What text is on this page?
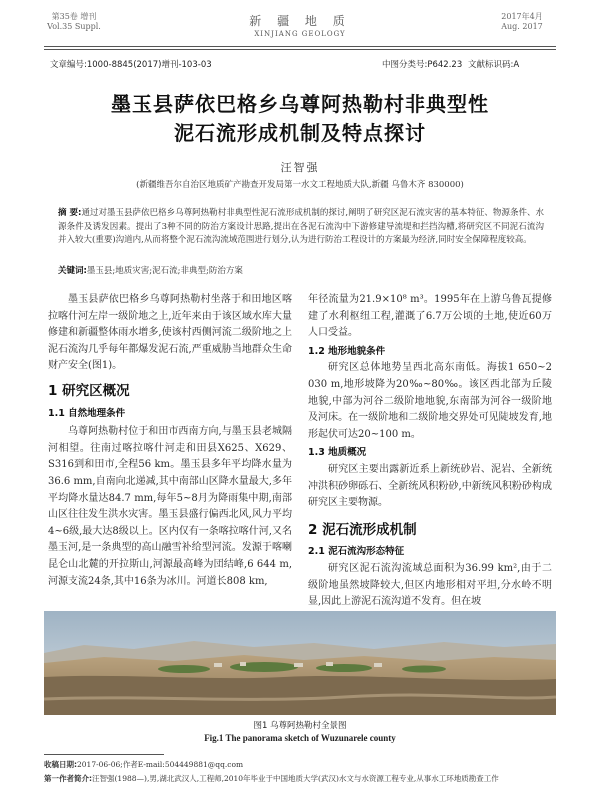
第35卷 增刊
Vol.35 Suppl.	新 疆 地 质
XINJIANG GEOLOGY
2017年4月
Aug. 2017
文章编号:1000-8845(2017)增刊-103-03	中图分类号:P642.23 文献标识码:A
墨玉县萨依巴格乡乌尊阿热勒村非典型性
泥石流形成机制及特点探讨
汪智强
(新疆维吾尔自治区地质矿产勘查开发局第一水文工程地质大队,新疆 乌鲁木齐 830000)
摘 要:通过对墨玉县萨依巴格乡乌尊阿热勒村非典型性泥石流形成机制的探讨,阐明了研究区泥石流灾害的基本特征、物源条件、水源条件及诱发因素。提出了3种不同的防治方案设计思路,提出在各泥石流沟中下游修建导流堤和拦挡沟槽,将研究区不同泥石流沟并入较大(重要)沟道内,从而将整个泥石流沟流域范围进行划分,认为进行防治工程设计的方案最为经济,同时安全保障程度较高。
关键词:墨玉县;地质灾害;泥石流;非典型;防治方案

墨玉县萨依巴格乡乌尊阿热勒村坐落于和田地区喀拉喀什河左岸一级阶地之上,近年来由于该区域水库大量修建和新疆整体雨水增多,使该村西侧河流二级阶地之上泥石流沟几乎每年都爆发泥石流,严重威胁当地群众生命财产安全(图1)。

1 研究区概况
1.1 自然地理条件

乌尊阿热勒村位于和田市西南方向,与墨玉县老城隔河相望。往南过喀拉喀什河走和田县X625、X629、S316到和田市,全程56 km。墨玉县多年平均降水量为36.6 mm,自南向北递减,其中南部山区降水量最大,多年平均降水量达84.7 mm,每年5~8月为降雨集中期,南部山区往往发生洪水灾害。墨玉县盛行偏西北风,风力平均4~6级,最大达8级以上。区内仅有一条喀拉喀什河,又名墨玉河,是一条典型的高山融雪补给型河流。发源于喀喇昆仑山北麓的开拉斯山,河源最高峰为団结峰,6 644 m,河源支流24条,其中16条为冰川。河道长808 km,

年径流量为21.9×10⁸ m³。1995年在上游乌鲁瓦提修建了水利枢纽工程,灌溉了6.7万公顷的土地,使近60万人口受益。

1.2 地形地貌条件

研究区总体地势呈西北高东南低。海拔1 650~2 030 m,地形坡降为20‰~80‰。该区西北部为丘陵地貌,中部为河谷二级阶地地貌,东南部为河谷一级阶地及河床。在一级阶地和二级阶地交界处可见陡坡发育,地形起伏可达20~100 m。

1.3 地质概况

研究区主要出露新近系上新统砂岩、泥岩、全新统冲洪积砂卵砾石、全新统风积粉砂,中新统风积粉砂构成研究区主要物源。

2 泥石流形成机制
2.1 泥石流沟形态特征

研究区泥石流沟流域总面积为36.99 km²,由于二级阶地虽然坡降较大,但区内地形相对平坦,分水岭不明显,因此上游泥石流沟道不发育。但在坡

图1 乌尊阿热勒村全景图
Fig.1 The panorama sketch of Wuzunarele county
收稿日期:2017-06-06;作者E-mail:504449881@qq.com
第一作者简介:汪智强(1988—),男,湖北武汉人,工程师,2010年毕业于中国地质大学(武汉)水文与水资源工程专业,从事水工环地质勘查工作
